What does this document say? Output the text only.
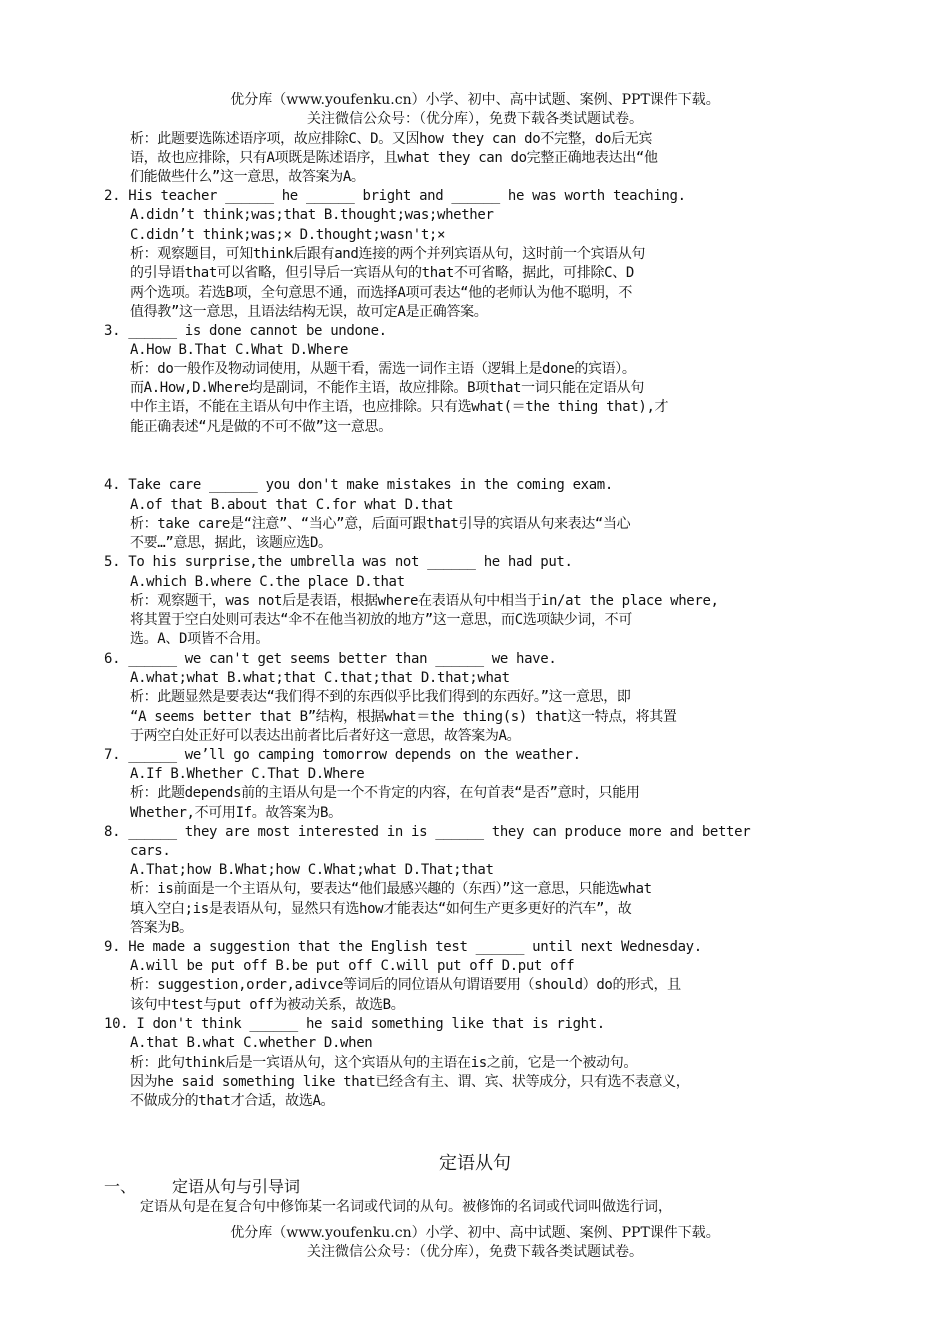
优分库（www.youfenku.cn）小学、初中、高中试题、案例、PPT课件下载。
关注微信公众号：（优分库），免费下载各类试题试卷。
析：此题要选陈述语序项，故应排除C、D。又因how they can do不完整，do后无宾
语，故也应排除，只有A项既是陈述语序，且what they can do完整正确地表达出“他
们能做些什么”这一意思，故答案为A。
2. His teacher ______ he ______ bright and ______ he was worth teaching.
A.didn’t think;was;that B.thought;was;whether
C.didn’t think;was;× D.thought;wasn't;×
析：观察题目，可知think后跟有and连接的两个并列宾语从句，这时前一个宾语从句
的引导语that可以省略，但引导后一宾语从句的that不可省略，据此，可排除C、D
两个选项。若选B项，全句意思不通，而选择A项可表达“他的老师认为他不聪明，不
值得教”这一意思，且语法结构无误，故可定A是正确答案。
3. ______ is done cannot be undone.
A.How B.That C.What D.Where
析：do一般作及物动词使用，从题干看，需选一词作主语（逻辑上是done的宾语）。
而A.How,D.Where均是副词，不能作主语，故应排除。B项that一词只能在定语从句
中作主语，不能在主语从句中作主语，也应排除。只有选what(＝the thing that),才
能正确表述“凡是做的不可不做”这一意思。
4. Take care ______ you don't make mistakes in the coming exam.
A.of that B.about that C.for what D.that
析：take care是“注意”、“当心”意，后面可跟that引导的宾语从句来表达“当心
不要…”意思，据此，该题应选D。
5. To his surprise,the umbrella was not ______ he had put.
A.which B.where C.the place D.that
析：观察题干，was not后是表语，根据where在表语从句中相当于in/at the place where,
将其置于空白处则可表达“伞不在他当初放的地方”这一意思，而C选项缺少词，不可
选。A、D项皆不合用。
6. ______ we can't get seems better than ______ we have.
A.what;what B.what;that C.that;that D.that;what
析：此题显然是要表达“我们得不到的东西似乎比我们得到的东西好。”这一意思，即
“A seems better that B”结构，根据what＝the thing(s) that这一特点，将其置
于两空白处正好可以表达出前者比后者好这一意思，故答案为A。
7. ______ we’ll go camping tomorrow depends on the weather.
A.If B.Whether C.That D.Where
析：此题depends前的主语从句是一个不肯定的内容，在句首表“是否”意时，只能用
Whether,不可用If。故答案为B。
8. ______ they are most interested in is ______ they can produce more and better
cars.
A.That;how B.What;how C.What;what D.That;that
析：is前面是一个主语从句，要表达“他们最感兴趣的（东西）”这一意思，只能选what
填入空白;is是表语从句，显然只有选how才能表达“如何生产更多更好的汽车”，故
答案为B。
9. He made a suggestion that the English test ______ until next Wednesday.
A.will be put off B.be put off C.will put off D.put off
析：suggestion,order,adivce等词后的同位语从句谓语要用（should）do的形式，且
该句中test与put off为被动关系，故选B。
10. I don't think ______ he said something like that is right.
A.that B.what C.whether D.when
析：此句think后是一宾语从句，这个宾语从句的主语在is之前，它是一个被动句。
因为he said something like that已经含有主、谓、宾、状等成分，只有选不表意义，
不做成分的that才合适，故选A。
定语从句
一、 定语从句与引导词
定语从句是在复合句中修饰某一名词或代词的从句。被修饰的名词或代词叫做选行词，
优分库（www.youfenku.cn）小学、初中、高中试题、案例、PPT课件下载。
关注微信公众号：（优分库），免费下载各类试题试卷。
